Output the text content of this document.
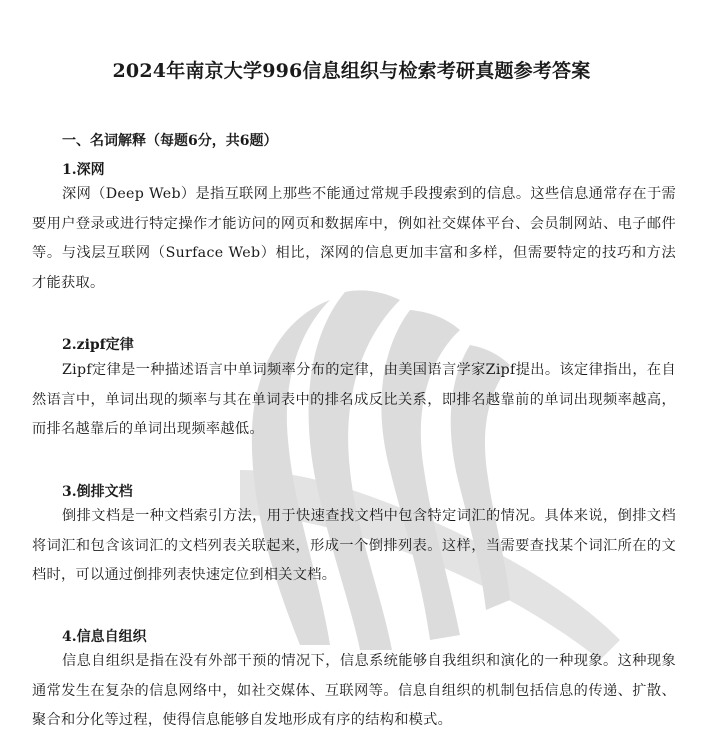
2024年南京大学996信息组织与检索考研真题参考答案
一、名词解释（每题6分，共6题）
1.深网

深网（Deep Web）是指互联网上那些不能通过常规手段搜索到的信息。这些信息通常存在于需要用户登录或进行特定操作才能访问的网页和数据库中，例如社交媒体平台、会员制网站、电子邮件等。与浅层互联网（Surface Web）相比，深网的信息更加丰富和多样，但需要特定的技巧和方法才能获取。

2.zipf定律

Zipf定律是一种描述语言中单词频率分布的定律，由美国语言学家Zipf提出。该定律指出，在自然语言中，单词出现的频率与其在单词表中的排名成反比关系，即排名越靠前的单词出现频率越高，而排名越靠后的单词出现频率越低。

3.倒排文档

倒排文档是一种文档索引方法，用于快速查找文档中包含特定词汇的情况。具体来说，倒排文档将词汇和包含该词汇的文档列表关联起来，形成一个倒排列表。这样，当需要查找某个词汇所在的文档时，可以通过倒排列表快速定位到相关文档。

4.信息自组织

信息自组织是指在没有外部干预的情况下，信息系统能够自我组织和演化的一种现象。这种现象通常发生在复杂的信息网络中，如社交媒体、互联网等。信息自组织的机制包括信息的传递、扩散、聚合和分化等过程，使得信息能够自发地形成有序的结构和模式。
